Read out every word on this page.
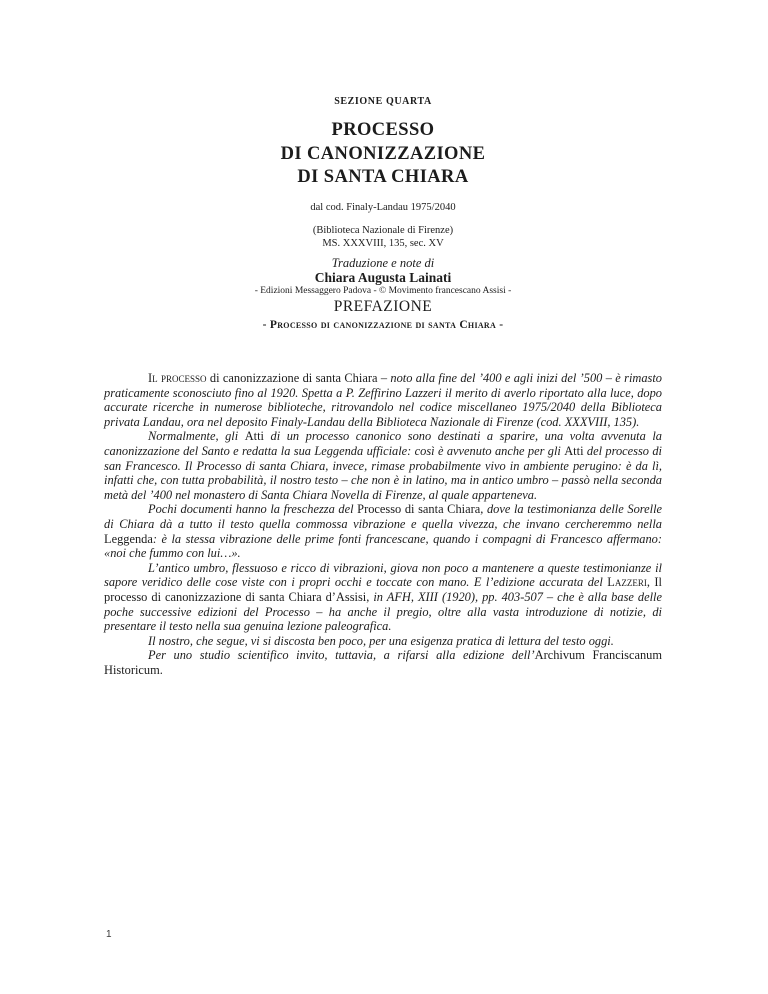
SEZIONE QUARTA
PROCESSO
DI CANONIZZAZIONE
DI SANTA CHIARA
dal cod. Finaly-Landau 1975/2040
(Biblioteca Nazionale di Firenze)
MS. XXXVIII, 135, sec. XV
Traduzione e note di
Chiara Augusta Lainati
- Edizioni Messaggero Padova - © Movimento francescano Assisi -
PREFAZIONE
- Processo di canonizzazione di santa Chiara -

Il processo di canonizzazione di santa Chiara – noto alla fine del ’400 e agli inizi del ’500 – è rimasto praticamente sconosciuto fino al 1920. Spetta a P. Zeffirino Lazzeri il merito di averlo riportato alla luce, dopo accurate ricerche in numerose biblioteche, ritrovandolo nel codice miscellaneo 1975/2040 della Biblioteca privata Landau, ora nel deposito Finaly-Landau della Biblioteca Nazionale di Firenze (cod. XXXVIII, 135).

Normalmente, gli Atti di un processo canonico sono destinati a sparire, una volta avvenuta la canonizzazione del Santo e redatta la sua Leggenda ufficiale: così è avvenuto anche per gli Atti del processo di san Francesco. Il Processo di santa Chiara, invece, rimase probabilmente vivo in ambiente perugino: è da lì, infatti che, con tutta probabilità, il nostro testo – che non è in latino, ma in antico umbro – passò nella seconda metà del ’400 nel monastero di Santa Chiara Novella di Firenze, al quale apparteneva.

Pochi documenti hanno la freschezza del Processo di santa Chiara, dove la testimonianza delle Sorelle di Chiara dà a tutto il testo quella commossa vibrazione e quella vivezza, che invano cercheremmo nella Leggenda: è la stessa vibrazione delle prime fonti francescane, quando i compagni di Francesco affermano: «noi che fummo con lui…».

L’antico umbro, flessuoso e ricco di vibrazioni, giova non poco a mantenere a queste testimonianze il sapore veridico delle cose viste con i propri occhi e toccate con mano. E l’edizione accurata del Lazzeri, Il processo di canonizzazione di santa Chiara d’Assisi, in AFH, XIII (1920), pp. 403-507 – che è alla base delle poche successive edizioni del Processo – ha anche il pregio, oltre alla vasta introduzione di notizie, di presentare il testo nella sua genuina lezione paleografica.

Il nostro, che segue, vi si discosta ben poco, per una esigenza pratica di lettura del testo oggi.

Per uno studio scientifico invito, tuttavia, a rifarsi alla edizione dell’Archivum Franciscanum Historicum.

1
